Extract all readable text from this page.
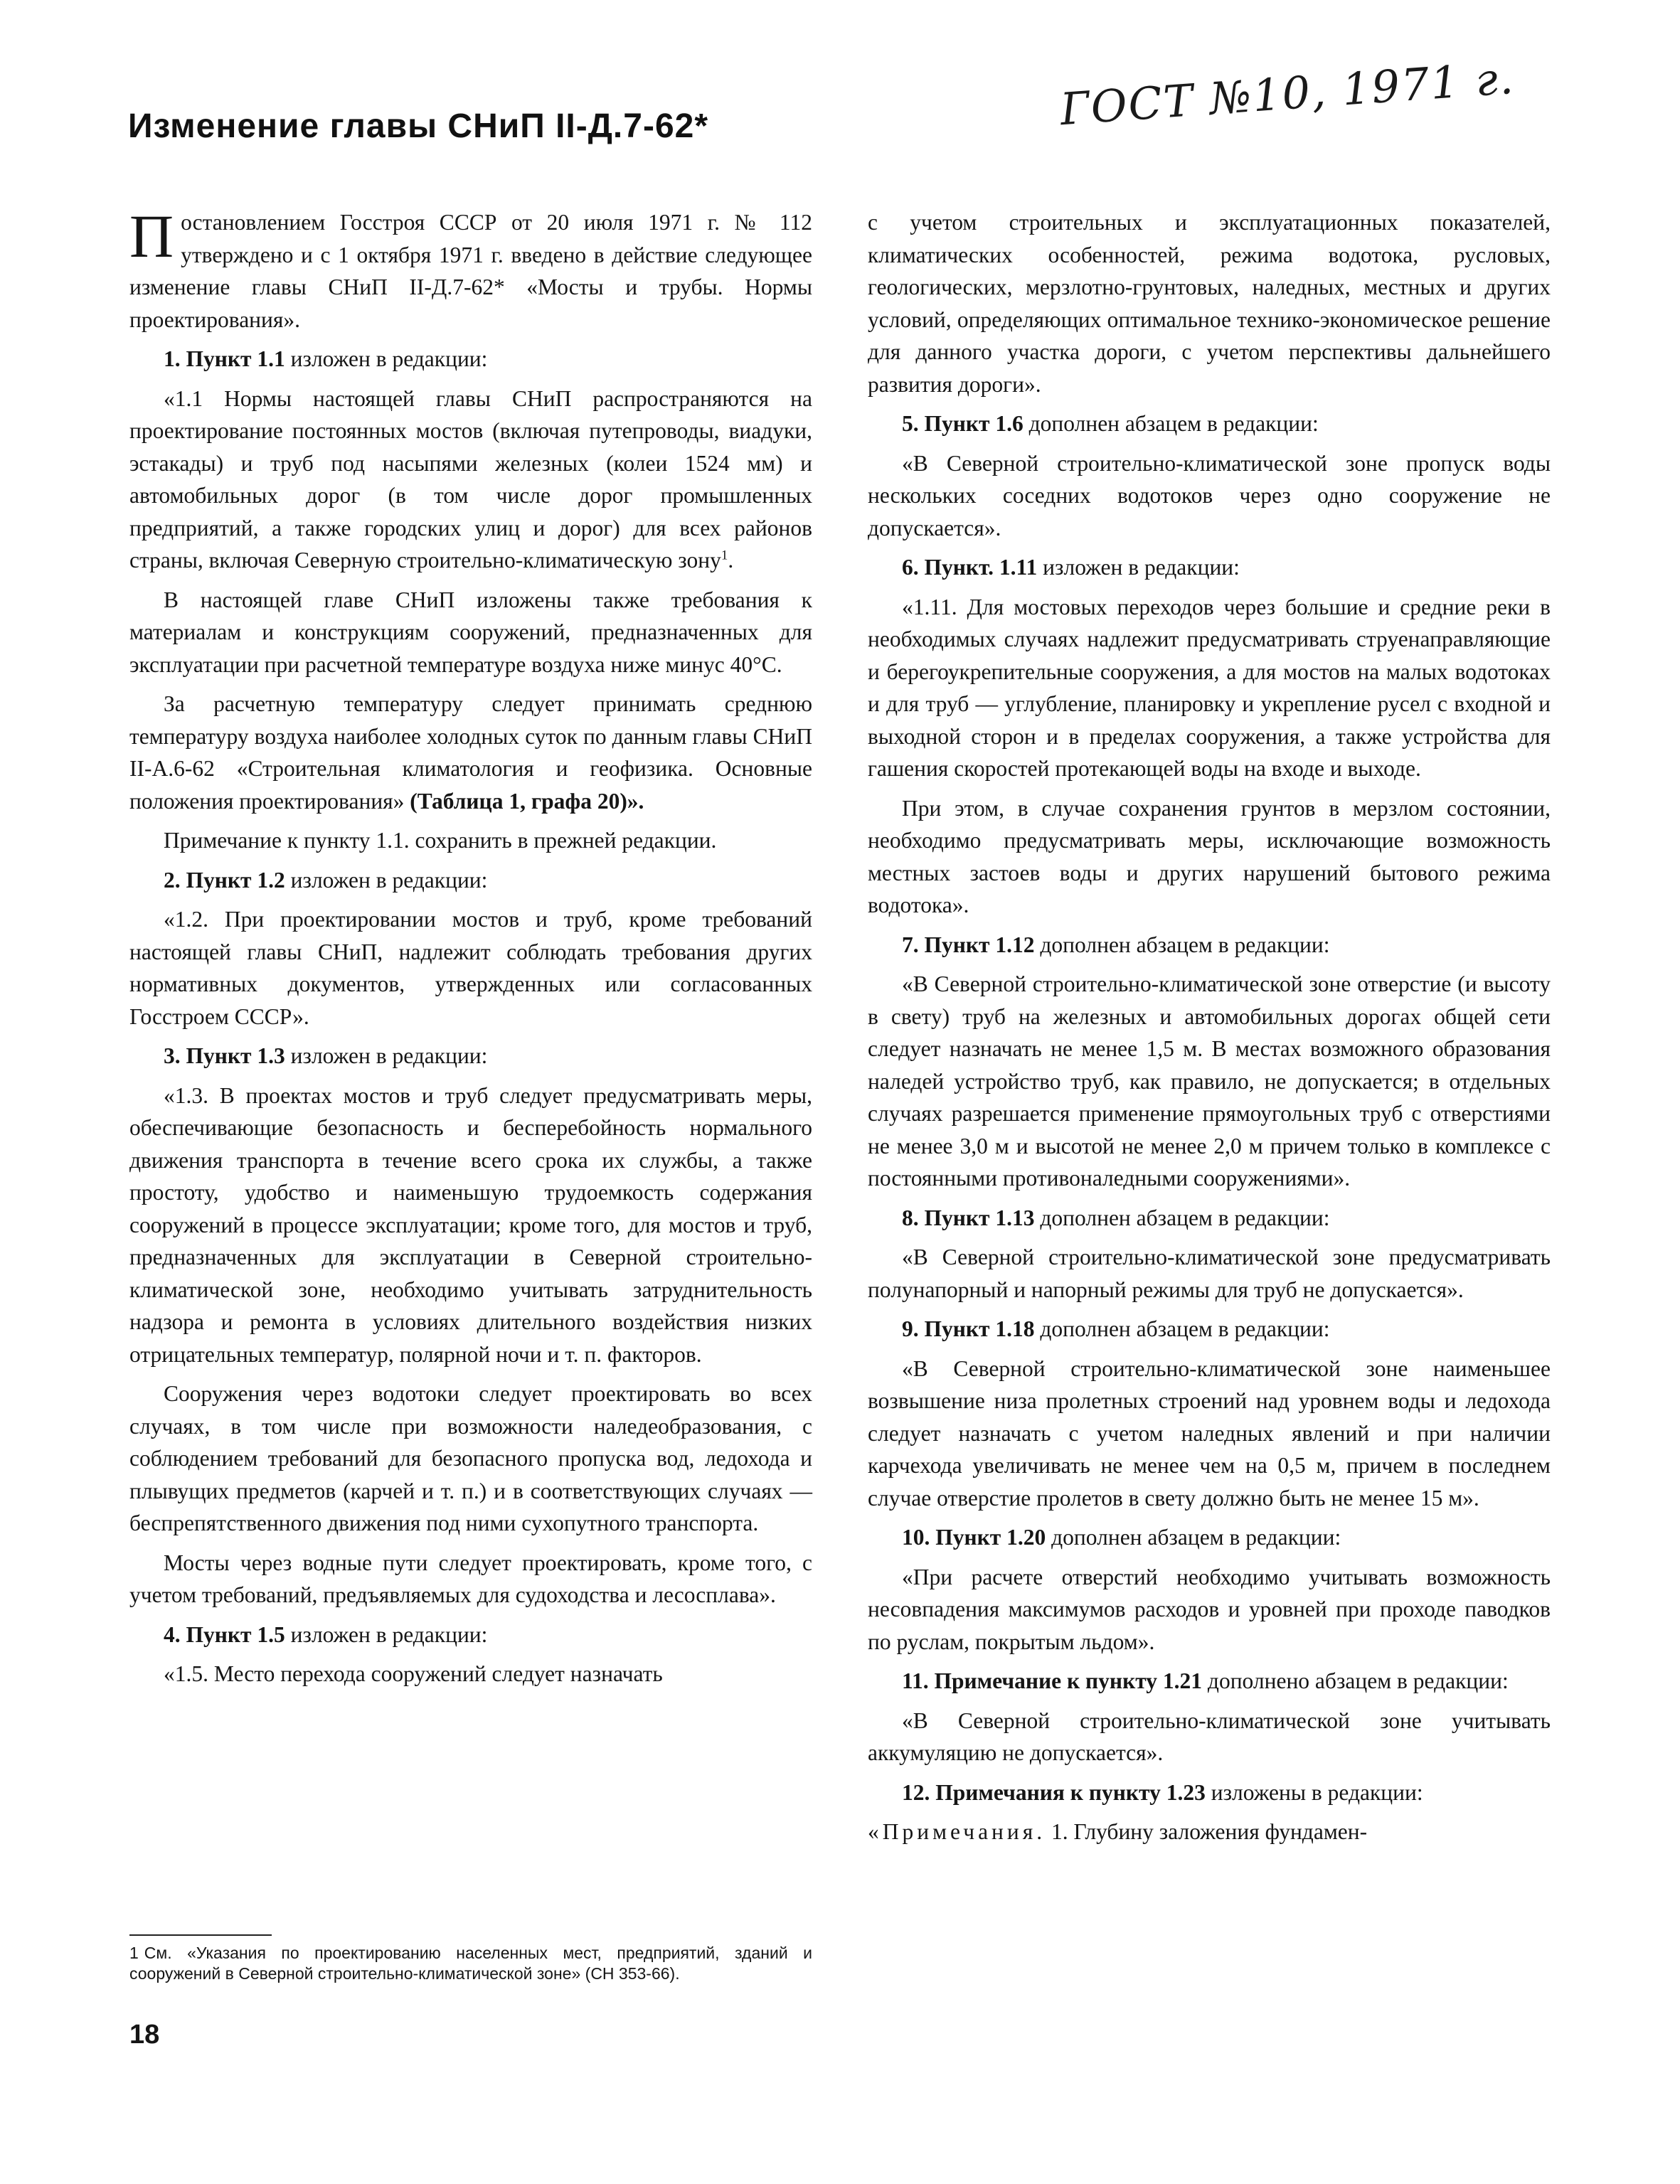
Изменение главы СНиП II-Д.7-62*	ГОСТ №10, 1971 г.

Постановлением Госстроя СССР от 20 июля 1971 г. № 112 утверждено и с 1 октября 1971 г. введено в действие следующее изменение главы СНиП II-Д.7-62* «Мосты и трубы. Нормы проектирования».

1. Пункт 1.1 изложен в редакции:

«1.1 Нормы настоящей главы СНиП распространяются на проектирование постоянных мостов (включая путепроводы, виадуки, эстакады) и труб под насыпями железных (колеи 1524 мм) и автомобильных дорог (в том числе дорог промышленных предприятий, а также городских улиц и дорог) для всех районов страны, включая Северную строительно-климатическую зону$^1$.

В настоящей главе СНиП изложены также требования к материалам и конструкциям сооружений, предназначенных для эксплуатации при расчетной температуре воздуха ниже минус 40°С.

За расчетную температуру следует принимать среднюю температуру воздуха наиболее холодных суток по данным главы СНиП II-А.6-62 «Строительная климатология и геофизика. Основные положения проектирования» (Таблица 1, графа 20)».

Примечание к пункту 1.1. сохранить в прежней редакции.

2. Пункт 1.2 изложен в редакции:

«1.2. При проектировании мостов и труб, кроме требований настоящей главы СНиП, надлежит соблюдать требования других нормативных документов, утвержденных или согласованных Госстроем СССР».

3. Пункт 1.3 изложен в редакции:

«1.3. В проектах мостов и труб следует предусматривать меры, обеспечивающие безопасность и бесперебойность нормального движения транспорта в течение всего срока их службы, а также простоту, удобство и наименьшую трудоемкость содержания сооружений в процессе эксплуатации; кроме того, для мостов и труб, предназначенных для эксплуатации в Северной строительно-климатической зоне, необходимо учитывать затруднительность надзора и ремонта в условиях длительного воздействия низких отрицательных температур, полярной ночи и т. п. факторов.

Сооружения через водотоки следует проектировать во всех случаях, в том числе при возможности наледеобразования, с соблюдением требований для безопасного пропуска вод, ледохода и плывущих предметов (карчей и т. п.) и в соответствующих случаях — беспрепятственного движения под ними сухопутного транспорта.

Мосты через водные пути следует проектировать, кроме того, с учетом требований, предъявляемых для судоходства и лесосплава».

4. Пункт 1.5 изложен в редакции:

«1.5. Место перехода сооружений следует назначать

с учетом строительных и эксплуатационных показателей, климатических особенностей, режима водотока, русловых, геологических, мерзлотно-грунтовых, наледных, местных и других условий, определяющих оптимальное технико-экономическое решение для данного участка дороги, с учетом перспективы дальнейшего развития дороги».

5. Пункт 1.6 дополнен абзацем в редакции:

«В Северной строительно-климатической зоне пропуск воды нескольких соседних водотоков через одно сооружение не допускается».

6. Пункт. 1.11 изложен в редакции:

«1.11. Для мостовых переходов через большие и средние реки в необходимых случаях надлежит предусматривать струенаправляющие и берегоукрепительные сооружения, а для мостов на малых водотоках и для труб — углубление, планировку и укрепление русел с входной и выходной сторон и в пределах сооружения, а также устройства для гашения скоростей протекающей воды на входе и выходе.

При этом, в случае сохранения грунтов в мерзлом состоянии, необходимо предусматривать меры, исключающие возможность местных застоев воды и других нарушений бытового режима водотока».

7. Пункт 1.12 дополнен абзацем в редакции:

«В Северной строительно-климатической зоне отверстие (и высоту в свету) труб на железных и автомобильных дорогах общей сети следует назначать не менее 1,5 м. В местах возможного образования наледей устройство труб, как правило, не допускается; в отдельных случаях разрешается применение прямоугольных труб с отверстиями не менее 3,0 м и высотой не менее 2,0 м причем только в комплексе с постоянными противоналедными сооружениями».

8. Пункт 1.13 дополнен абзацем в редакции:

«В Северной строительно-климатической зоне предусматривать полунапорный и напорный режимы для труб не допускается».

9. Пункт 1.18 дополнен абзацем в редакции:

«В Северной строительно-климатической зоне наименьшее возвышение низа пролетных строений над уровнем воды и ледохода следует назначать с учетом наледных явлений и при наличии карчехода увеличивать не менее чем на 0,5 м, причем в последнем случае отверстие пролетов в свету должно быть не менее 15 м».

10. Пункт 1.20 дополнен абзацем в редакции:

«При расчете отверстий необходимо учитывать возможность несовпадения максимумов расходов и уровней при проходе паводков по руслам, покрытым льдом».

11. Примечание к пункту 1.21 дополнено абзацем в редакции:

«В Северной строительно-климатической зоне учитывать аккумуляцию не допускается».

12. Примечания к пункту 1.23 изложены в редакции:

«Примечания. 1. Глубину заложения фундамен-

1 См. «Указания по проектированию населенных мест, предприятий, зданий и сооружений в Северной строительно-климатической зоне» (СН 353-66).
18
